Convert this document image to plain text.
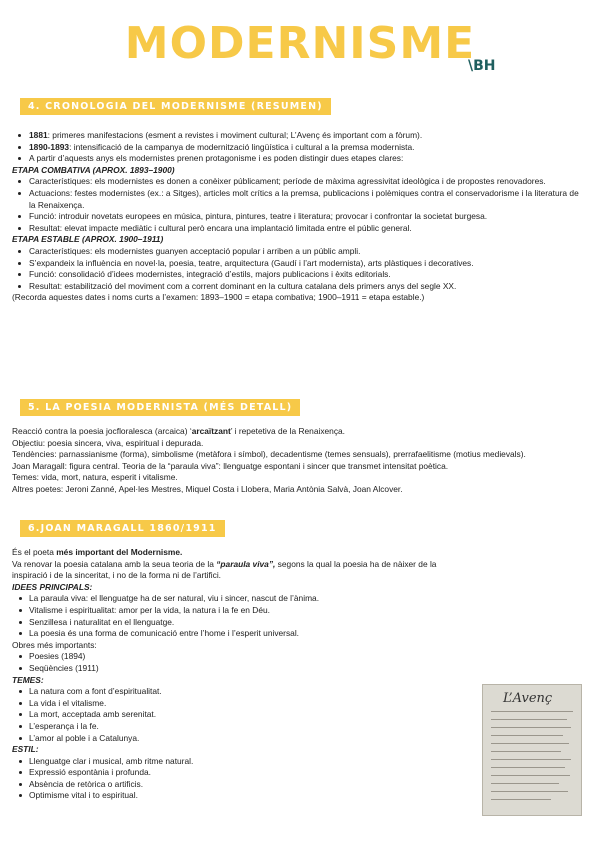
MODERNISME
\BH
4. CRONOLOGIA DEL MODERNISME (RESUMEN)
1881: primeres manifestacions (esment a revistes i moviment cultural; L’Avenç és important com a fòrum).
1890-1893: intensificació de la campanya de modernització lingüística i cultural a la premsa modernista.
A partir d’aquests anys els modernistes prenen protagonisme i es poden distingir dues etapes clares:
ETAPA COMBATIVA (APROX. 1893–1900)
Característiques: els modernistes es donen a conèixer públicament; període de màxima agressivitat ideològica i de propostes renovadores.
Actuacions: festes modernistes (ex.: a Sitges), articles molt crítics a la premsa, publicacions i polèmiques contra el conservadorisme i la literatura de la Renaixença.
Funció: introduir novetats europees en música, pintura, pintures, teatre i literatura; provocar i confrontar la societat burgesa.
Resultat: elevat impacte mediàtic i cultural però encara una implantació limitada entre el públic general.
ETAPA ESTABLE (APROX. 1900–1911)
Característiques: els modernistes guanyen acceptació popular i arriben a un públic ampli.
S’expandeix la influència en novel·la, poesia, teatre, arquitectura (Gaudí i l’art modernista), arts plàstiques i decoratives.
Funció: consolidació d’idees modernistes, integració d’estils, majors publicacions i èxits editorials.
Resultat: estabilització del moviment com a corrent dominant en la cultura catalana dels primers anys del segle XX.

(Recorda aquestes dates i noms curts a l’examen: 1893–1900 = etapa combativa; 1900–1911 = etapa estable.)

5. LA POESIA MODERNISTA (MÉS DETALL)

Reacció contra la poesia jocfloralesca (arcaica) ‘arcaïtzant’ i repetetiva de la Renaixença.

Objectiu: poesia sincera, viva, espiritual i depurada.

Tendències: parnassianisme (forma), simbolisme (metàfora i símbol), decadentisme (temes sensuals), prerrafaelitisme (motius medievals).

Joan Maragall: figura central. Teoria de la “paraula viva”: llenguatge espontani i sincer que transmet intensitat poètica.

Temes: vida, mort, natura, esperit i vitalisme.

Altres poetes: Jeroni Zanné, Apel·les Mestres, Miquel Costa i Llobera, Maria Antònia Salvà, Joan Alcover.

6.JOAN MARAGALL 1860/1911

És el poeta més important del Modernisme.

Va renovar la poesia catalana amb la seua teoria de la “paraula viva”, segons la qual la poesia ha de nàixer de la inspiració i de la sinceritat, i no de la forma ni de l’artifici.

IDEES PRINCIPALS:
La paraula viva: el llenguatge ha de ser natural, viu i sincer, nascut de l’ànima.
Vitalisme i espiritualitat: amor per la vida, la natura i la fe en Déu.
Senzillesa i naturalitat en el llenguatge.
La poesia és una forma de comunicació entre l’home i l’esperit universal.

Obres més importants:

Poesies (1894)
Seqüències (1911)
TEMES:
La natura com a font d’espiritualitat.
La vida i el vitalisme.
La mort, acceptada amb serenitat.
L’esperança i la fe.
L’amor al poble i a Catalunya.
ESTIL:
Llenguatge clar i musical, amb ritme natural.
Expressió espontània i profunda.
Absència de retòrica o artificis.
Optimisme vital i to espiritual.
L’Avenç
